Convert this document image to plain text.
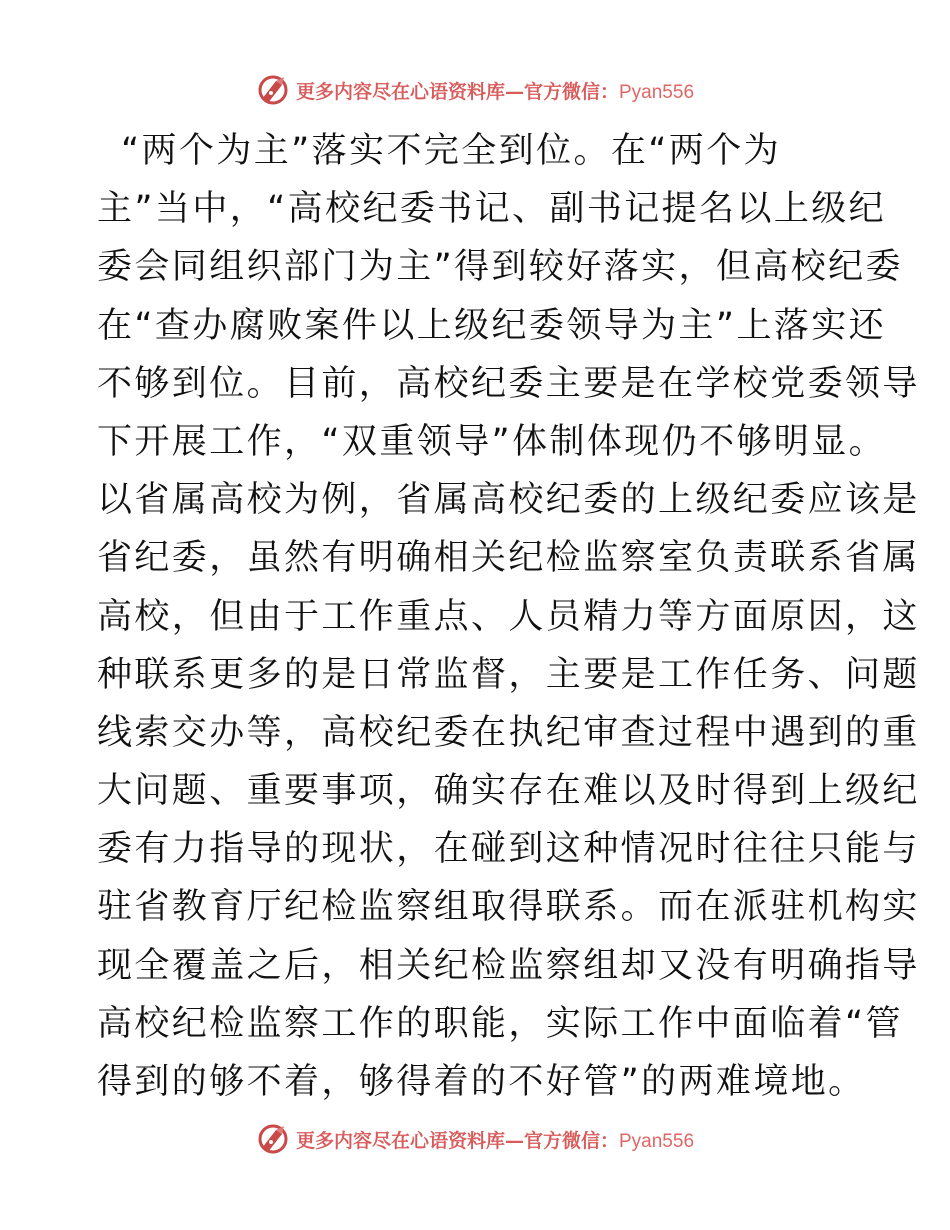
更多内容尽在心语资料库—官方微信：Pyan556
“两个为主”落实不完全到位。在“两个为
主”当中，“高校纪委书记、副书记提名以上级纪
委会同组织部门为主”得到较好落实，但高校纪委
在“查办腐败案件以上级纪委领导为主”上落实还
不够到位。目前，高校纪委主要是在学校党委领导
下开展工作，“双重领导”体制体现仍不够明显。
以省属高校为例，省属高校纪委的上级纪委应该是
省纪委，虽然有明确相关纪检监察室负责联系省属
高校，但由于工作重点、人员精力等方面原因，这
种联系更多的是日常监督，主要是工作任务、问题
线索交办等，高校纪委在执纪审查过程中遇到的重
大问题、重要事项，确实存在难以及时得到上级纪
委有力指导的现状，在碰到这种情况时往往只能与
驻省教育厅纪检监察组取得联系。而在派驻机构实
现全覆盖之后，相关纪检监察组却又没有明确指导
高校纪检监察工作的职能，实际工作中面临着“管
得到的够不着，够得着的不好管”的两难境地。
更多内容尽在心语资料库—官方微信：Pyan556
